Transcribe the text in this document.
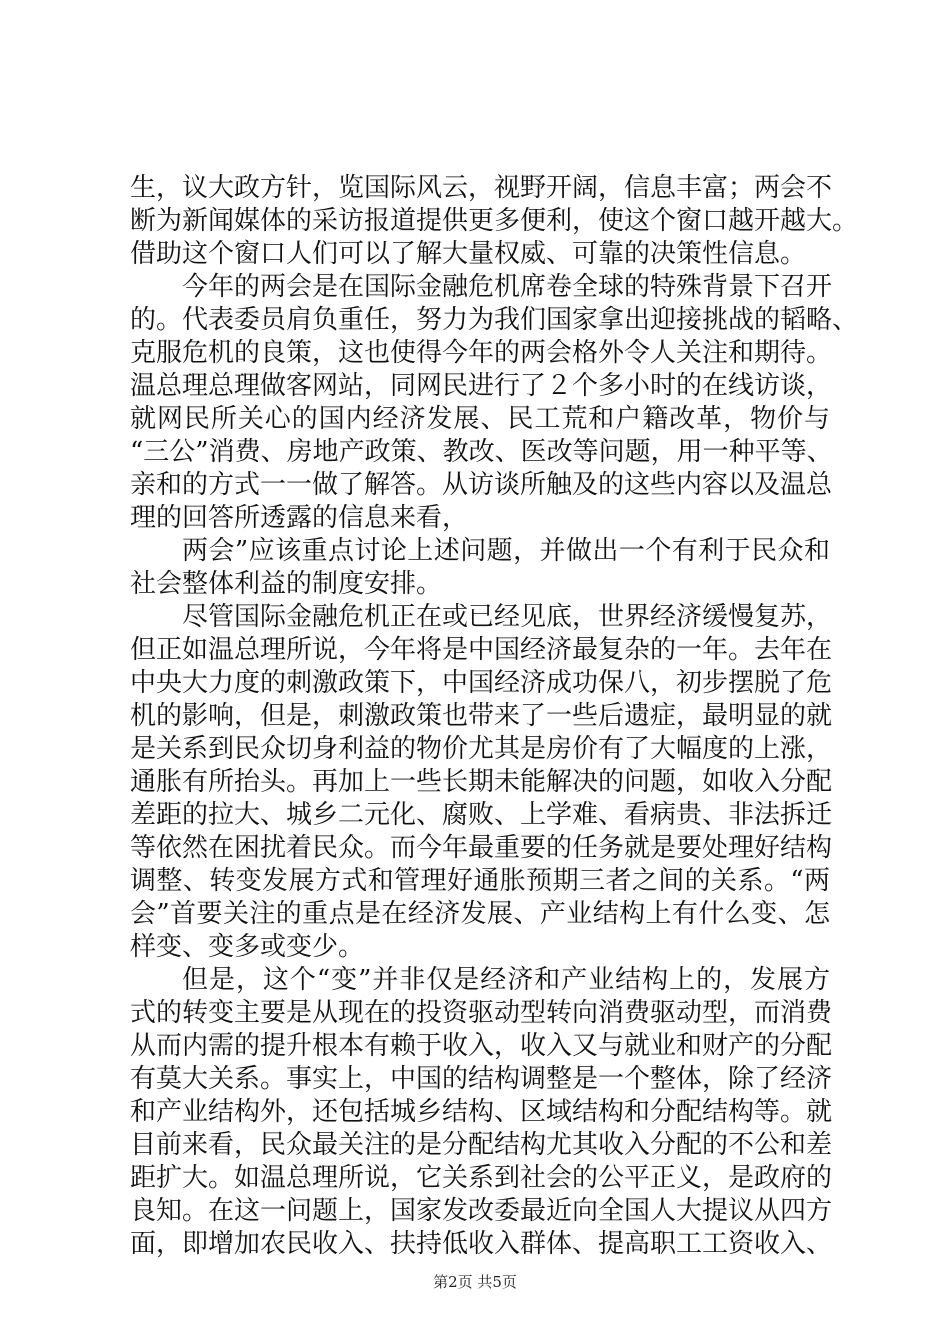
生，议大政方针，览国际风云，视野开阔，信息丰富；两会不
断为新闻媒体的采访报道提供更多便利，使这个窗口越开越大。
借助这个窗口人们可以了解大量权威、可靠的决策性信息。
今年的两会是在国际金融危机席卷全球的特殊背景下召开
的。代表委员肩负重任，努力为我们国家拿出迎接挑战的韬略、
克服危机的良策，这也使得今年的两会格外令人关注和期待。
温总理总理做客网站，同网民进行了２个多小时的在线访谈，
就网民所关心的国内经济发展、民工荒和户籍改革，物价与
“三公”消费、房地产政策、教改、医改等问题，用一种平等、
亲和的方式一一做了解答。从访谈所触及的这些内容以及温总
理的回答所透露的信息来看，
两会”应该重点讨论上述问题，并做出一个有利于民众和
社会整体利益的制度安排。
尽管国际金融危机正在或已经见底，世界经济缓慢复苏，
但正如温总理所说，今年将是中国经济最复杂的一年。去年在
中央大力度的刺激政策下，中国经济成功保八，初步摆脱了危
机的影响，但是，刺激政策也带来了一些后遗症，最明显的就
是关系到民众切身利益的物价尤其是房价有了大幅度的上涨，
通胀有所抬头。再加上一些长期未能解决的问题，如收入分配
差距的拉大、城乡二元化、腐败、上学难、看病贵、非法拆迁
等依然在困扰着民众。而今年最重要的任务就是要处理好结构
调整、转变发展方式和管理好通胀预期三者之间的关系。“两
会”首要关注的重点是在经济发展、产业结构上有什么变、怎
样变、变多或变少。
但是，这个“变”并非仅是经济和产业结构上的，发展方
式的转变主要是从现在的投资驱动型转向消费驱动型，而消费
从而内需的提升根本有赖于收入，收入又与就业和财产的分配
有莫大关系。事实上，中国的结构调整是一个整体，除了经济
和产业结构外，还包括城乡结构、区域结构和分配结构等。就
目前来看，民众最关注的是分配结构尤其收入分配的不公和差
距扩大。如温总理所说，它关系到社会的公平正义，是政府的
良知。在这一问题上，国家发改委最近向全国人大提议从四方
面，即增加农民收入、扶持低收入群体、提高职工工资收入、
第2页 共5页
